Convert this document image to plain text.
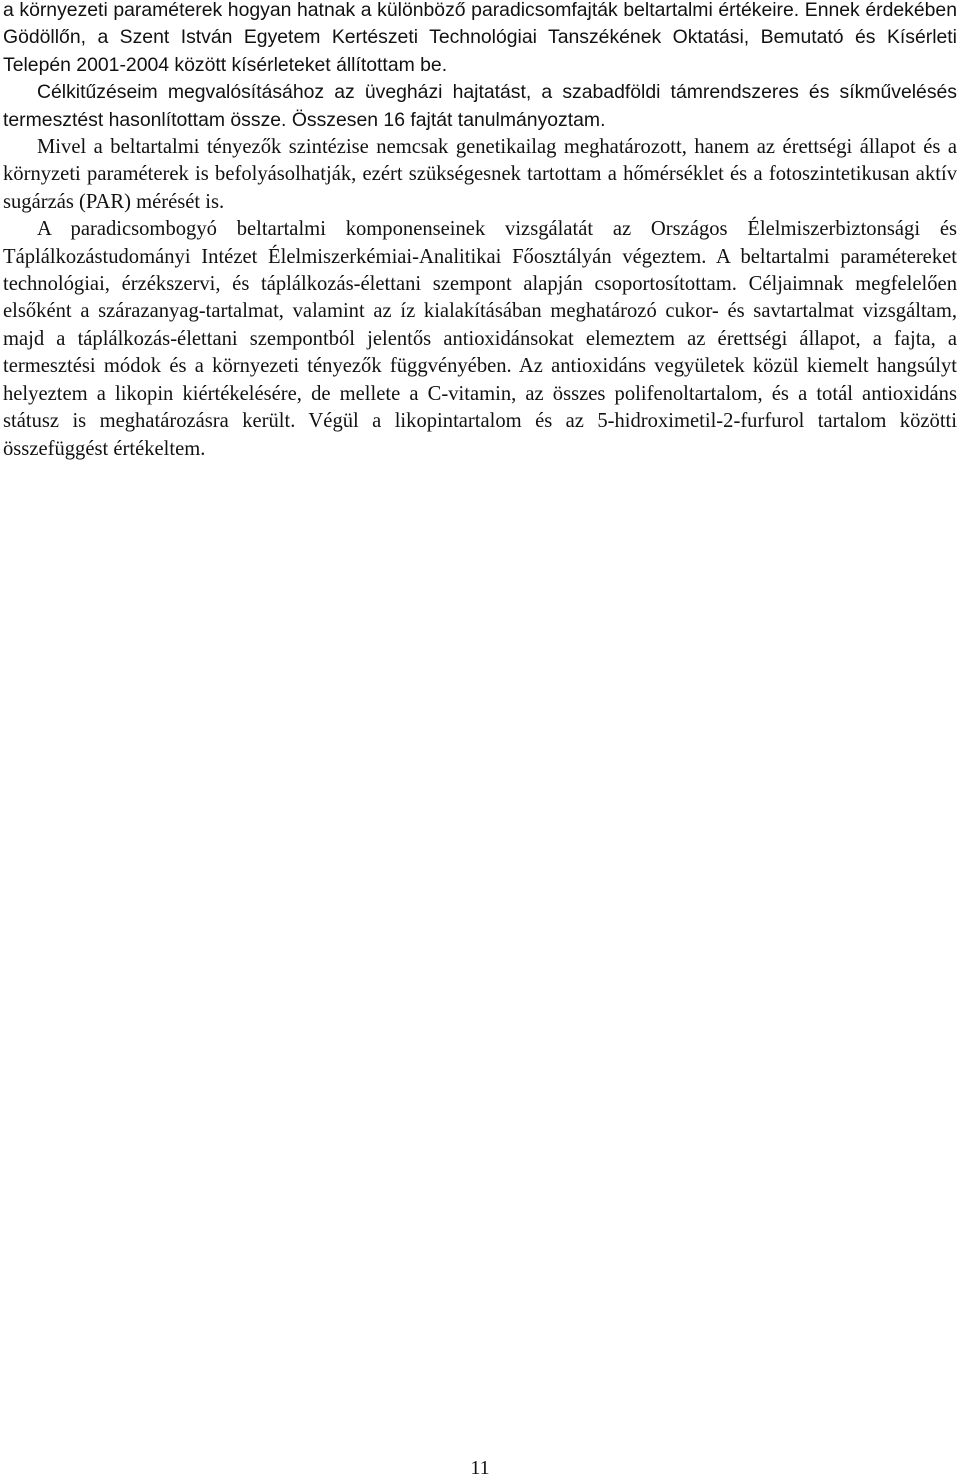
a környezeti paraméterek hogyan hatnak a különböző paradicsomfajták beltartalmi értékeire. Ennek érdekében Gödöllőn, a Szent István Egyetem Kertészeti Technológiai Tanszékének Oktatási, Bemutató és Kísérleti Telepén 2001-2004 között kísérleteket állítottam be.

Célkitűzéseim megvalósításához az üvegházi hajtatást, a szabadföldi támrendszeres és síkművelésés termesztést hasonlítottam össze. Összesen 16 fajtát tanulmányoztam.

Mivel a beltartalmi tényezők szintézise nemcsak genetikailag meghatározott, hanem az érettségi állapot és a környzeti paraméterek is befolyásolhatják, ezért szükségesnek tartottam a hőmérséklet és a fotoszintetikusan aktív sugárzás (PAR) mérését is.

A paradicsombogyó beltartalmi komponenseinek vizsgálatát az Országos Élelmiszerbiztonsági és Táplálkozástudományi Intézet Élelmiszerkémiai-Analitikai Főosztályán végeztem. A beltartalmi paramétereket technológiai, érzékszervi, és táplálkozás-élettani szempont alapján csoportosítottam. Céljaimnak megfelelően elsőként a szárazanyag-tartalmat, valamint az íz kialakításában meghatározó cukor- és savtartalmat vizsgáltam, majd a táplálkozás-élettani szempontból jelentős antioxidánsokat elemeztem az érettségi állapot, a fajta, a termesztési módok és a környezeti tényezők függvényében. Az antioxidáns vegyületek közül kiemelt hangsúlyt helyeztem a likopin kiértékelésére, de mellete a C-vitamin, az összes polifenoltartalom, és a totál antioxidáns státusz is meghatározásra került. Végül a likopintartalom és az 5-hidroximetil-2-furfurol tartalom közötti összefüggést értékeltem.

11
